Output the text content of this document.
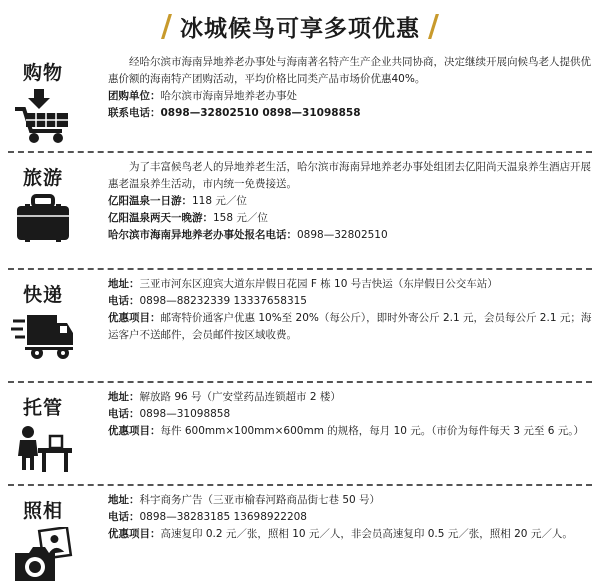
/ 冰城候鸟可享多项优惠 /
购物	经哈尔滨市海南异地养老办事处与海南著名特产生产企业共同协商，决定继续开展向候鸟老人提供优惠价额的海南特产团购活动，平均价格比同类产品市场价优惠40%。

团购单位：哈尔滨市海南异地养老办事处

联系电话：0898—32802510 0898—31098858

旅游	为了丰富候鸟老人的异地养老生活，哈尔滨市海南异地养老办事处组团去亿阳尚天温泉养生酒店开展惠老温泉养生活动，市内统一免费接送。

亿阳温泉一日游：118 元／位

亿阳温泉两天一晚游：158 元／位

哈尔滨市海南异地养老办事处报名电话：0898—32802510

快递	地址：三亚市河东区迎宾大道东岸假日花园 F 栋 10 号吉快运（东岸假日公交车站）

电话：0898—88232339 13337658315

优惠项目：邮寄特价通客户优惠 10%至 20%（每公斤），即时外寄公斤 2.1 元，会员每公斤 2.1 元；海运客户不送邮件，会员邮件按区域收费。

托管	地址：解放路 96 号（广安堂药品连锁超市 2 楼）

电话：0898—31098858

优惠项目：每件 600mm×100mm×600mm 的规格，每月 10 元。（市价为每件每天 3 元至 6 元。）

照相	地址：科宇商务广告（三亚市榆春河路商品街七巷 50 号）

电话：0898—38283185 13698922208

优惠项目：高速复印 0.2 元／张，照相 10 元／人，非会员高速复印 0.5 元／张，照相 20 元／人。
